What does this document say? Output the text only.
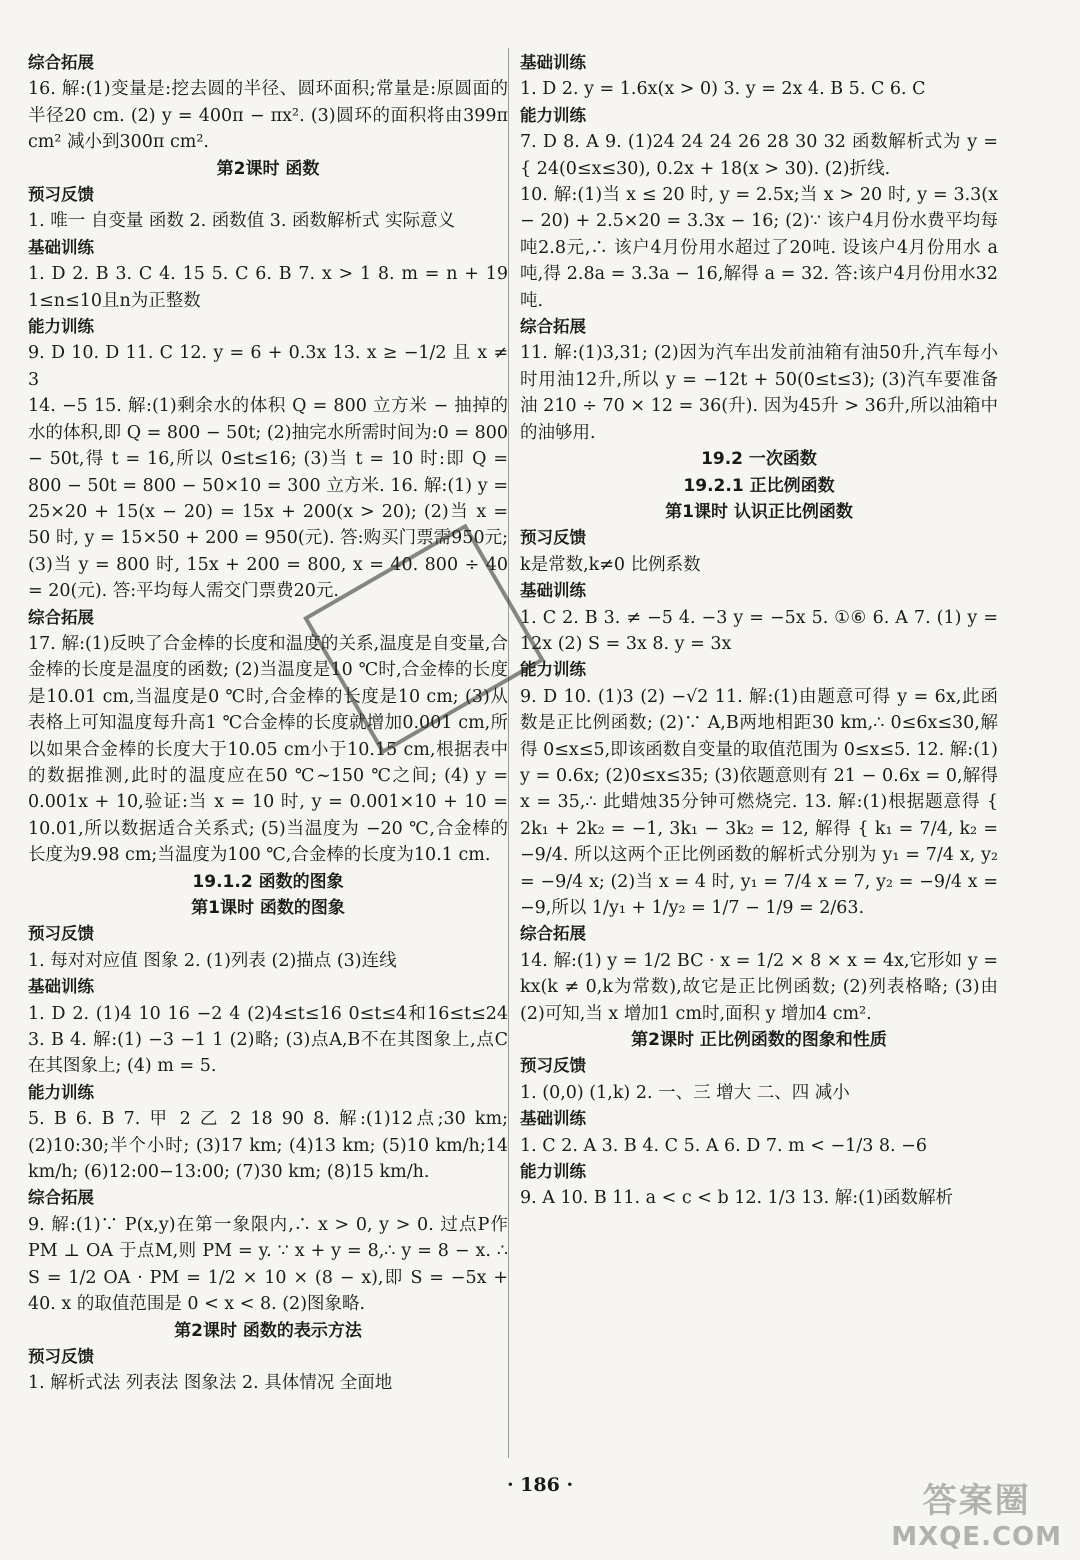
综合拓展
16. 解:(1)变量是:挖去圆的半径、圆环面积;常量是:原圆面的半径20 cm. (2) y = 400π − πx². (3)圆环的面积将由399π cm² 减小到300π cm².
第2课时 函数
预习反馈
1. 唯一 自变量 函数 2. 函数值 3. 函数解析式 实际意义
基础训练
1. D 2. B 3. C 4. 15 5. C 6. B 7. x > 1 8. m = n + 19 1≤n≤10且n为正整数
能力训练
9. D 10. D 11. C 12. y = 6 + 0.3x 13. x ≥ −1/2 且 x ≠ 3
14. −5 15. 解:(1)剩余水的体积 Q = 800 立方米 − 抽掉的水的体积,即 Q = 800 − 50t; (2)抽完水所需时间为:0 = 800 − 50t,得 t = 16,所以 0≤t≤16; (3)当 t = 10 时:即 Q = 800 − 50t = 800 − 50×10 = 300 立方米. 16. 解:(1) y = 25×20 + 15(x − 20) = 15x + 200(x > 20); (2)当 x = 50 时, y = 15×50 + 200 = 950(元). 答:购买门票需950元; (3)当 y = 800 时, 15x + 200 = 800, x = 40. 800 ÷ 40 = 20(元). 答:平均每人需交门票费20元.
综合拓展
17. 解:(1)反映了合金棒的长度和温度的关系,温度是自变量,合金棒的长度是温度的函数; (2)当温度是10 ℃时,合金棒的长度是10.01 cm,当温度是0 ℃时,合金棒的长度是10 cm; (3)从表格上可知温度每升高1 ℃合金棒的长度就增加0.001 cm,所以如果合金棒的长度大于10.05 cm小于10.15 cm,根据表中的数据推测,此时的温度应在50 ℃~150 ℃之间; (4) y = 0.001x + 10,验证:当 x = 10 时, y = 0.001×10 + 10 = 10.01,所以数据适合关系式; (5)当温度为 −20 ℃,合金棒的长度为9.98 cm;当温度为100 ℃,合金棒的长度为10.1 cm.
19.1.2 函数的图象
第1课时 函数的图象
预习反馈
1. 每对对应值 图象 2. (1)列表 (2)描点 (3)连线
基础训练
1. D 2. (1)4 10 16 −2 4 (2)4≤t≤16 0≤t≤4和16≤t≤24 3. B 4. 解:(1) −3 −1 1 (2)略; (3)点A,B不在其图象上,点C在其图象上; (4) m = 5.
能力训练
5. B 6. B 7. 甲 2 乙 2 18 90 8. 解:(1)12点;30 km;(2)10:30;半个小时; (3)17 km; (4)13 km; (5)10 km/h;14 km/h; (6)12:00−13:00; (7)30 km; (8)15 km/h.
综合拓展
9. 解:(1)∵ P(x,y)在第一象限内,∴ x > 0, y > 0. 过点P作 PM ⊥ OA 于点M,则 PM = y. ∵ x + y = 8,∴ y = 8 − x. ∴ S = 1/2 OA · PM = 1/2 × 10 × (8 − x),即 S = −5x + 40. x 的取值范围是 0 < x < 8. (2)图象略.
第2课时 函数的表示方法
预习反馈
1. 解析式法 列表法 图象法 2. 具体情况 全面地
基础训练
1. D 2. y = 1.6x(x > 0) 3. y = 2x 4. B 5. C 6. C
能力训练
7. D 8. A 9. (1)24 24 24 26 28 30 32 函数解析式为 y = { 24(0≤x≤30), 0.2x + 18(x > 30). (2)折线.
10. 解:(1)当 x ≤ 20 时, y = 2.5x;当 x > 20 时, y = 3.3(x − 20) + 2.5×20 = 3.3x − 16; (2)∵ 该户4月份水费平均每吨2.8元,∴ 该户4月份用水超过了20吨. 设该户4月份用水 a 吨,得 2.8a = 3.3a − 16,解得 a = 32. 答:该户4月份用水32吨.
综合拓展
11. 解:(1)3,31; (2)因为汽车出发前油箱有油50升,汽车每小时用油12升,所以 y = −12t + 50(0≤t≤3); (3)汽车要准备油 210 ÷ 70 × 12 = 36(升). 因为45升 > 36升,所以油箱中的油够用.
19.2 一次函数
19.2.1 正比例函数
第1课时 认识正比例函数
预习反馈
k是常数,k≠0 比例系数
基础训练
1. C 2. B 3. ≠ −5 4. −3 y = −5x 5. ①⑥ 6. A 7. (1) y = 12x (2) S = 3x 8. y = 3x
能力训练
9. D 10. (1)3 (2) −√2 11. 解:(1)由题意可得 y = 6x,此函数是正比例函数; (2)∵ A,B两地相距30 km,∴ 0≤6x≤30,解得 0≤x≤5,即该函数自变量的取值范围为 0≤x≤5. 12. 解:(1) y = 0.6x; (2)0≤x≤35; (3)依题意则有 21 − 0.6x = 0,解得 x = 35,∴ 此蜡烛35分钟可燃烧完. 13. 解:(1)根据题意得 { 2k₁ + 2k₂ = −1, 3k₁ − 3k₂ = 12, 解得 { k₁ = 7/4, k₂ = −9/4. 所以这两个正比例函数的解析式分别为 y₁ = 7/4 x, y₂ = −9/4 x; (2)当 x = 4 时, y₁ = 7/4 x = 7, y₂ = −9/4 x = −9,所以 1/y₁ + 1/y₂ = 1/7 − 1/9 = 2/63.
综合拓展
14. 解:(1) y = 1/2 BC · x = 1/2 × 8 × x = 4x,它形如 y = kx(k ≠ 0,k为常数),故它是正比例函数; (2)列表格略; (3)由(2)可知,当 x 增加1 cm时,面积 y 增加4 cm².
第2课时 正比例函数的图象和性质
预习反馈
1. (0,0) (1,k) 2. 一、三 增大 二、四 减小
基础训练
1. C 2. A 3. B 4. C 5. A 6. D 7. m < −1/3 8. −6
能力训练
9. A 10. B 11. a < c < b 12. 1/3 13. 解:(1)函数解析
· 186 ·	答案圈
MXQE.COM
